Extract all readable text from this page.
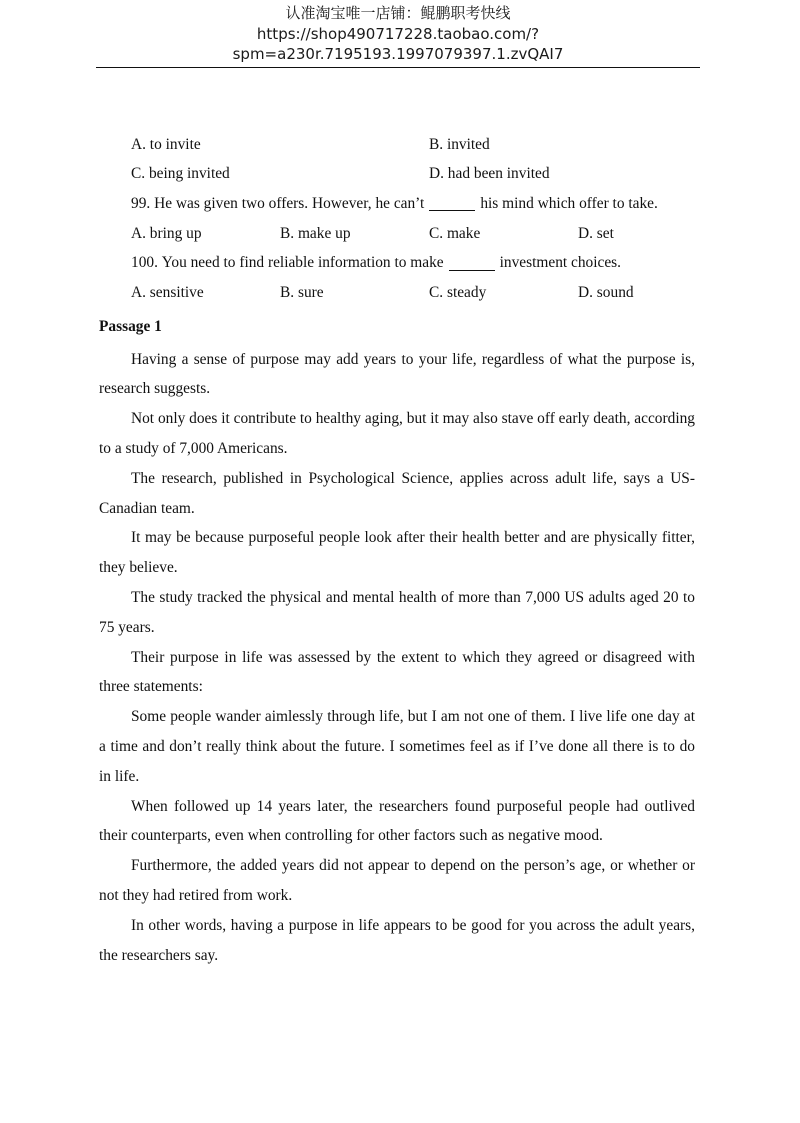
认准淘宝唯一店铺：鲲鹏职考快线
https://shop490717228.taobao.com/?spm=a230r.7195193.1997079397.1.zvQAI7
A. to invite	B. invited
C. being invited	D. had been invited
99.
He was given two offers. However, he can’t	his mind which offer to take.
A. bring up	B. make up	C. make	D. set
100.
You need to find reliable information to make	investment choices.
A. sensitive	B. sure	C. steady	D. sound
Passage 1

Having a sense of purpose may add years to your life, regardless of what the purpose is, research suggests.

Not only does it contribute to healthy aging, but it may also stave off early death, according to a study of 7,000 Americans.

The research, published in Psychological Science, applies across adult life, says a US-Canadian team.

It may be because purposeful people look after their health better and are physically fitter, they believe.

The study tracked the physical and mental health of more than 7,000 US adults aged 20 to 75 years.

Their purpose in life was assessed by the extent to which they agreed or disagreed with three statements:

Some people wander aimlessly through life, but I am not one of them. I live life one day at a time and don’t really think about the future. I sometimes feel as if I’ve done all there is to do in life.

When followed up 14 years later, the researchers found purposeful people had outlived their counterparts, even when controlling for other factors such as negative mood.

Furthermore, the added years did not appear to depend on the person’s age, or whether or not they had retired from work.

In other words, having a purpose in life appears to be good for you across the adult years, the researchers say.
